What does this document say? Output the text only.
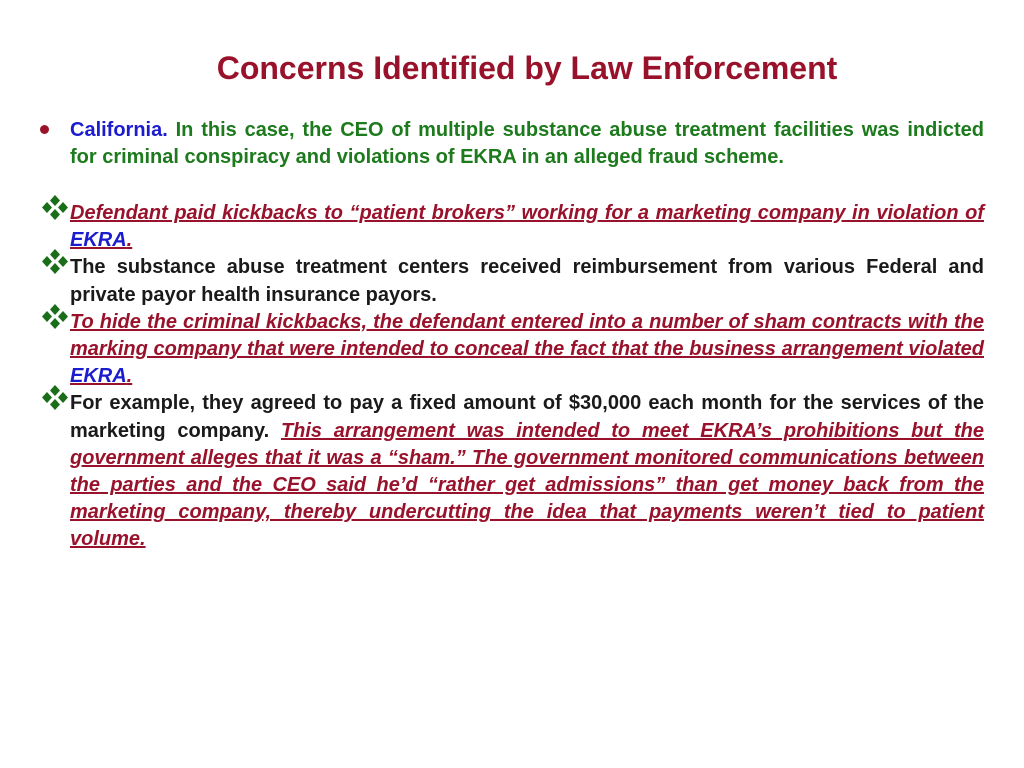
Concerns Identified by Law Enforcement
California. In this case, the CEO of multiple substance abuse treatment facilities was indicted for criminal conspiracy and violations of EKRA in an alleged fraud scheme.
Defendant paid kickbacks to “patient brokers” working for a marketing company in violation of EKRA.
The substance abuse treatment centers received reimbursement from various Federal and private payor health insurance payors.
To hide the criminal kickbacks, the defendant entered into a number of sham contracts with the marking company that were intended to conceal the fact that the business arrangement violated EKRA.
For example, they agreed to pay a fixed amount of $30,000 each month for the services of the marketing company. This arrangement was intended to meet EKRA’s prohibitions but the government alleges that it was a “sham.” The government monitored communications between the parties and the CEO said he’d “rather get admissions” than get money back from the marketing company, thereby undercutting the idea that payments weren’t tied to patient volume.
